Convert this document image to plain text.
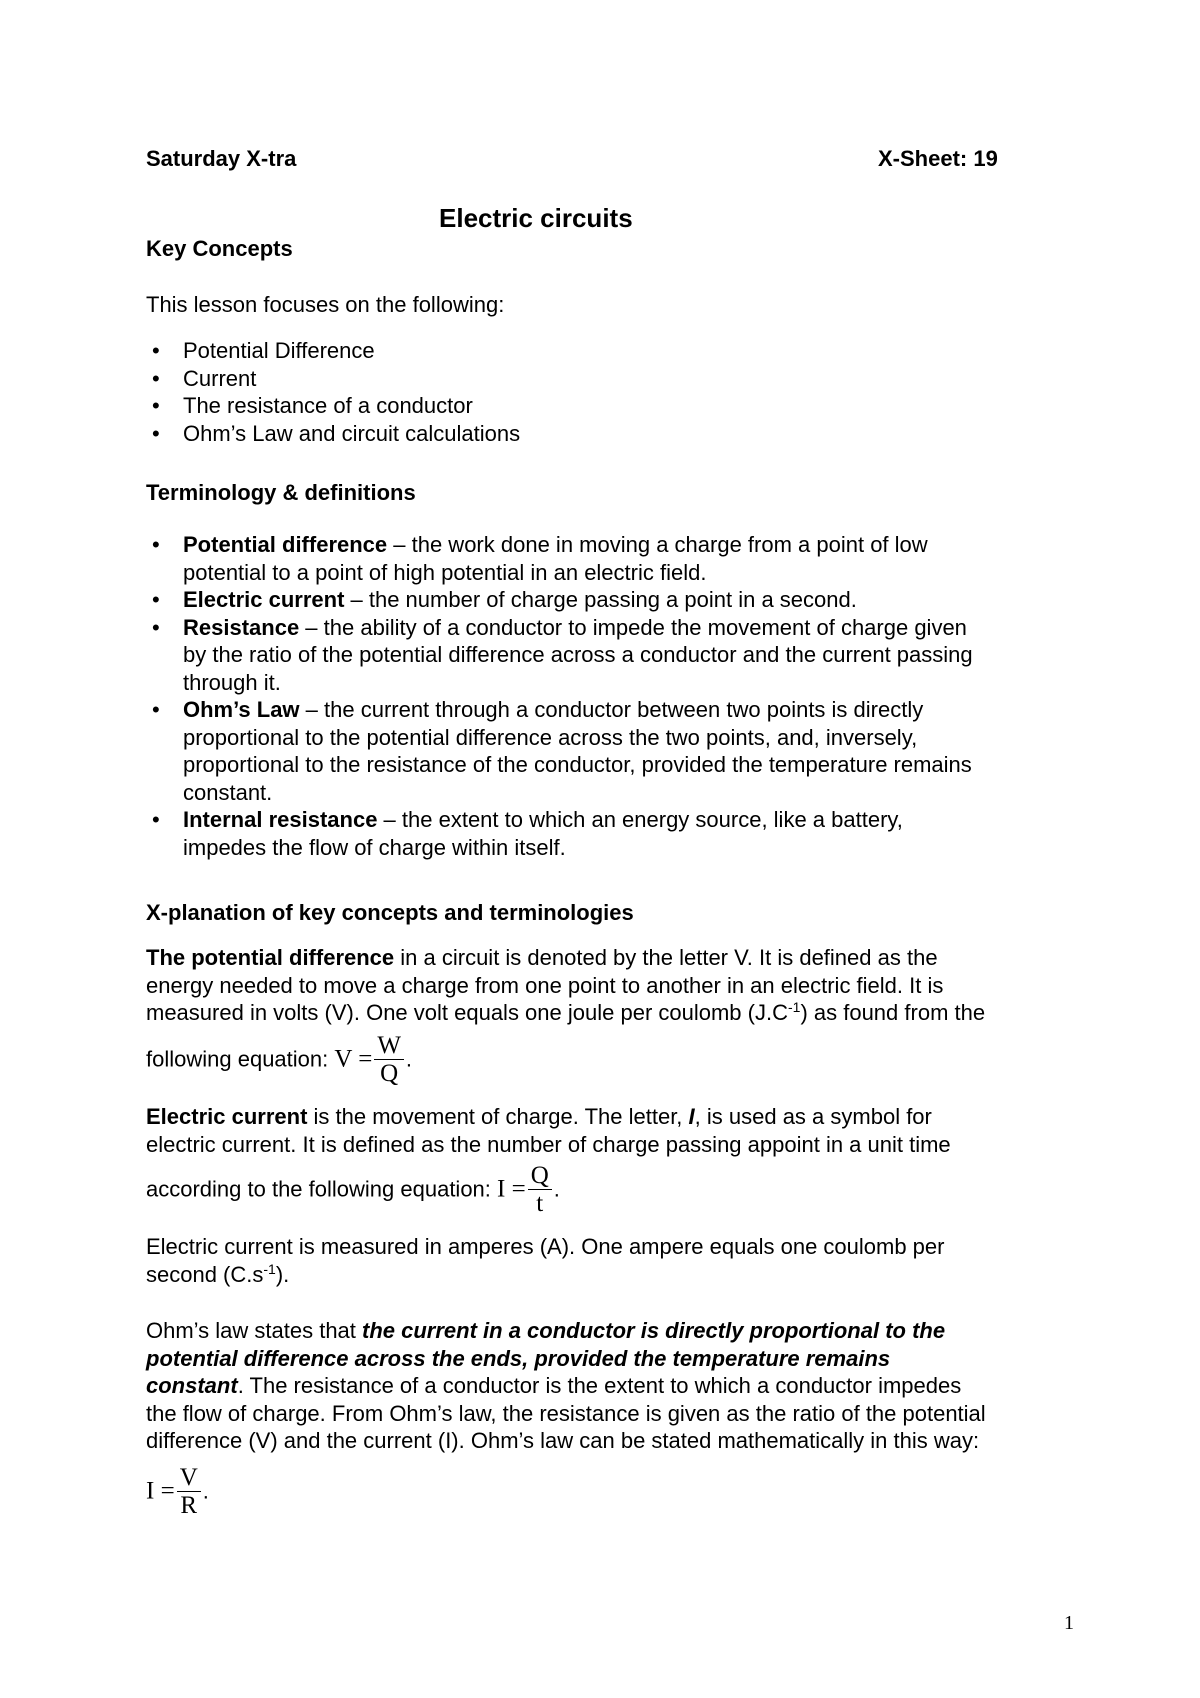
Saturday X-tra	X-Sheet: 19
Electric circuits
Key Concepts
This lesson focuses on the following:
• Potential Difference
• Current
• The resistance of a conductor
• Ohm’s Law and circuit calculations
Terminology & definitions
• Potential difference – the work done in moving a charge from a point of low
potential to a point of high potential in an electric field.
• Electric current – the number of charge passing a point in a second.
• Resistance – the ability of a conductor to impede the movement of charge given
by the ratio of the potential difference across a conductor and the current passing
through it.
• Ohm’s Law – the current through a conductor between two points is directly
proportional to the potential difference across the two points, and, inversely,
proportional to the resistance of the conductor, provided the temperature remains
constant.
• Internal resistance – the extent to which an energy source, like a battery,
impedes the flow of charge within itself.
X-planation of key concepts and terminologies
The potential difference in a circuit is denoted by the letter V. It is defined as the
energy needed to move a charge from one point to another in an electric field. It is
measured in volts (V). One volt equals one joule per coulomb $(J.C^{-1})$ as found from the
following equation: $V = \frac{W}{Q}$ .
Electric current is the movement of charge. The letter, I, is used as a symbol for
electric current. It is defined as the number of charge passing appoint in a unit time
according to the following equation: $I = \frac{Q}{t}$ .
Electric current is measured in amperes (A). One ampere equals one coulomb per
second $(C.s^{-1})$.
Ohm’s law states that the current in a conductor is directly proportional to the
potential difference across the ends, provided the temperature remains
constant. The resistance of a conductor is the extent to which a conductor impedes
the flow of charge. From Ohm’s law, the resistance is given as the ratio of the potential
difference (V) and the current (I). Ohm’s law can be stated mathematically in this way:
$I = \frac{V}{R}$ .
1
